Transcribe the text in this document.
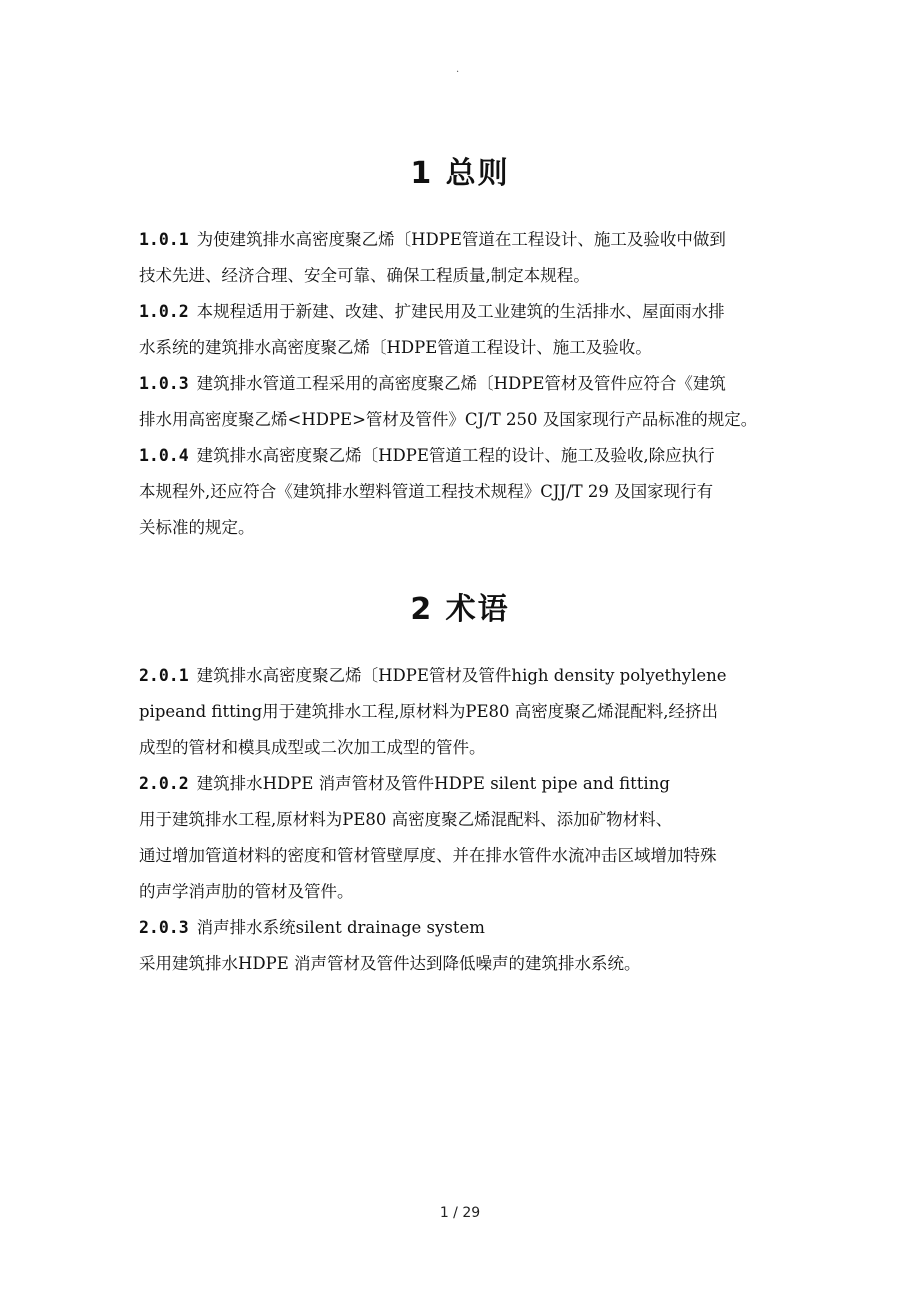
.
1 总则
1.0.1 为使建筑排水高密度聚乙烯〔HDPE管道在工程设计、施工及验收中做到
技术先进、经济合理、安全可靠、确保工程质量,制定本规程。
1.0.2 本规程适用于新建、改建、扩建民用及工业建筑的生活排水、屋面雨水排
水系统的建筑排水高密度聚乙烯〔HDPE管道工程设计、施工及验收。
1.0.3 建筑排水管道工程采用的高密度聚乙烯〔HDPE管材及管件应符合《建筑
排水用高密度聚乙烯<HDPE>管材及管件》CJ/T 250 及国家现行产品标准的规定。
1.0.4 建筑排水高密度聚乙烯〔HDPE管道工程的设计、施工及验收,除应执行
本规程外,还应符合《建筑排水塑料管道工程技术规程》CJJ/T 29 及国家现行有
关标准的规定。
2 术语
2.0.1 建筑排水高密度聚乙烯〔HDPE管材及管件high density polyethylene
pipeand fitting用于建筑排水工程,原材料为PE80 高密度聚乙烯混配料,经挤出
成型的管材和模具成型或二次加工成型的管件。
2.0.2 建筑排水HDPE 消声管材及管件HDPE silent pipe and fitting
用于建筑排水工程,原材料为PE80 高密度聚乙烯混配料、添加矿物材料、
通过增加管道材料的密度和管材管壁厚度、并在排水管件水流冲击区域增加特殊
的声学消声肋的管材及管件。
2.0.3 消声排水系统silent drainage system
采用建筑排水HDPE 消声管材及管件达到降低噪声的建筑排水系统。
1 / 29
